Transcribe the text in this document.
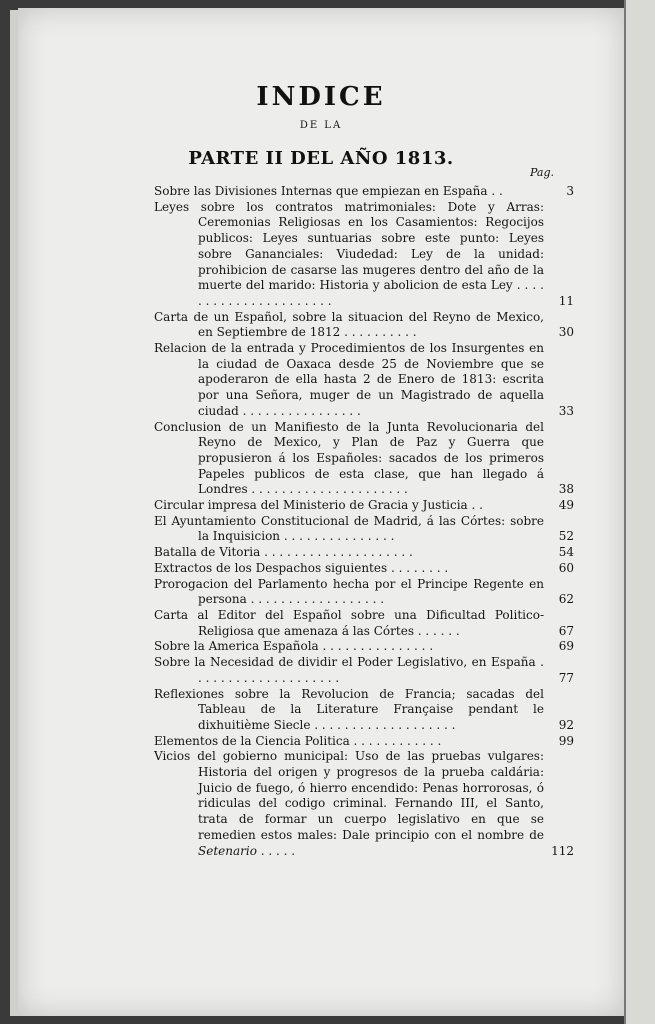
INDICE
DE LA
PARTE II DEL AÑO 1813.
Pag.
Sobre las Divisiones Internas que empiezan en España . .	3
Leyes sobre los contratos matrimoniales: Dote y Arras: Ceremonias Religiosas en los Casamientos: Regocijos publicos: Leyes suntuarias sobre este punto: Leyes sobre Gananciales: Viudedad: Ley de la unidad: prohibicion de casarse las mugeres dentro del año de la muerte del marido: Historia y abolicion de esta Ley . . . . . . . . . . . . . . . . . . . . . .	11
Carta de un Español, sobre la situacion del Reyno de Mexico, en Septiembre de 1812 . . . . . . . . . .	30
Relacion de la entrada y Procedimientos de los Insurgentes en la ciudad de Oaxaca desde 25 de Noviembre que se apoderaron de ella hasta 2 de Enero de 1813: escrita por una Señora, muger de un Magistrado de aquella ciudad . . . . . . . . . . . . . . . .	33
Conclusion de un Manifiesto de la Junta Revolucionaria del Reyno de Mexico, y Plan de Paz y Guerra que propusieron á los Españoles: sacados de los primeros Papeles publicos de esta clase, que han llegado á Londres . . . . . . . . . . . . . . . . . . . . .	38
Circular impresa del Ministerio de Gracia y Justicia . .	49
El Ayuntamiento Constitucional de Madrid, á las Córtes: sobre la Inquisicion . . . . . . . . . . . . . . .	52
Batalla de Vitoria . . . . . . . . . . . . . . . . . . . .	54
Extractos de los Despachos siguientes . . . . . . . .	60
Prorogacion del Parlamento hecha por el Principe Regente en persona . . . . . . . . . . . . . . . . . .	62
Carta al Editor del Español sobre una Dificultad Politico-Religiosa que amenaza á las Córtes . . . . . .	67
Sobre la America Española . . . . . . . . . . . . . . .	69
Sobre la Necesidad de dividir el Poder Legislativo, en España . . . . . . . . . . . . . . . . . . . .	77
Reflexiones sobre la Revolucion de Francia; sacadas del Tableau de la Literature Française pendant le dixhuitième Siecle . . . . . . . . . . . . . . . . . . .	92
Elementos de la Ciencia Politica . . . . . . . . . . . .	99
Vicios del gobierno municipal: Uso de las pruebas vulgares: Historia del origen y progresos de la prueba caldária: Juicio de fuego, ó hierro encendido: Penas horrorosas, ó ridiculas del codigo criminal. Fernando III, el Santo, trata de formar un cuerpo legislativo en que se remedien estos males: Dale principio con el nombre de Setenario . . . . .	112
